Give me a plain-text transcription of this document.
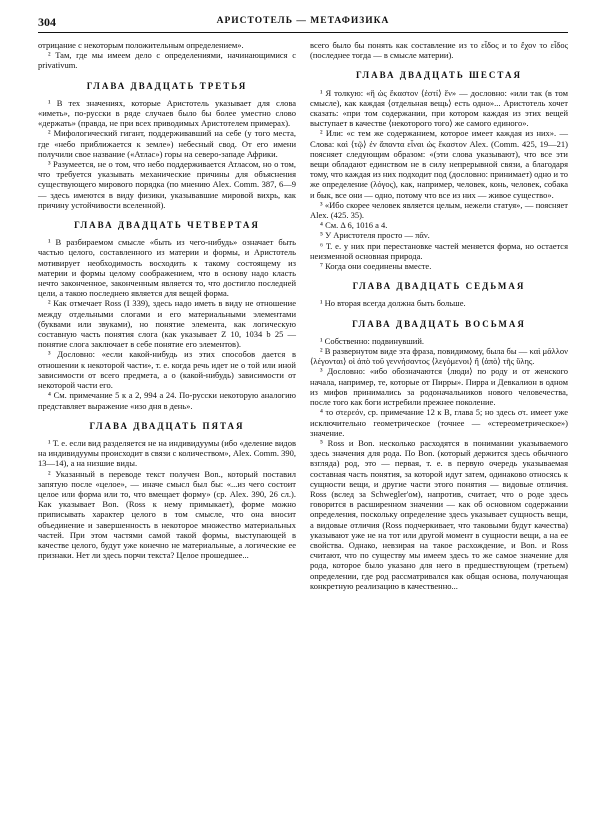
304	АРИСТОТЕЛЬ — МЕТАФИЗИКА

отрицание с некоторым положительным определением».

² Там, где мы имеем дело с определениями, начинающимися с privativum.

ГЛАВА ДВАДЦАТЬ ТРЕТЬЯ

¹ В тех значениях, которые Аристотель указывает для слова «иметь», по-русски в ряде случаев было бы более уместно слово «держать» (правда, не при всех приводимых Аристотелем примерах).

² Мифологический гигант, поддерживавший на себе (у того места, где «небо приближается к земле») небесный свод. От его имени получили свое название («Атлас») горы на северо-западе Африки.

³ Разумеется, не о том, что небо поддерживается Атласом, но о том, что требуется указывать механические причины для объяснения существующего мирового порядка (по мнению Alex. Comm. 387, 6—9 — здесь имеются в виду физики, указывавшие мировой вихрь, как причину устойчивости вселенной).

ГЛАВА ДВАДЦАТЬ ЧЕТВЕРТАЯ

¹ В разбираемом смысле «быть из чего-нибудь» означает быть частью целого, составленного из материи и формы, и Аристотель мотивирует необходимость восходить к такому состоящему из материи и формы целому соображением, что в основу надо класть нечто законченное, законченным является то, что достигло последней цели, а такою последнею является для вещей форма.

² Как отмечает Ross (I 339), здесь надо иметь в виду не отношение между отдельными слогами и его материальными элементами (буквами или звуками), но понятие элемента, как логическую составную часть понятия слога (как указывает Z 10, 1034 b 25 — понятие слога заключает в себе понятие его элементов).

³ Дословно: «если какой-нибудь из этих способов дается в отношении к некоторой части», т. е. когда речь идет не о той или иной зависимости от всего предмета, а о (какой-нибудь) зависимости от некоторой части его.

⁴ См. примечание 5 к a 2, 994 a 24. По-русски некоторую аналогию представляет выражение «изо дня в день».

ГЛАВА ДВАДЦАТЬ ПЯТАЯ

¹ Т. е. если вид разделяется не на индивидуумы (ибо «деление видов на индивидуумы происходит в связи с количеством», Alex. Comm. 390, 13—14), а на низшие виды.

² Указанный в переводе текст получен Bon., который поставил запятую после «целое», — иначе смысл был бы: «...из чего состоит целое или форма или то, что вмещает форму» (ср. Alex. 390, 26 сл.). Как указывает Bon. (Ross к нему примыкает), форме можно приписывать характер целого в том смысле, что она вносит объединение и завершенность в некоторое множество материальных частей. При этом частями самой такой формы, выступающей в качестве целого, будут уже конечно не материальные, а логические ее признаки. Нет ли здесь порчи текста? Целое прошедшее...

всего было бы понять как составление из το εἶδος и το ἔχον το εἶδος (последнее тогда — в смысле материи).

ГЛАВА ДВАДЦАТЬ ШЕСТАЯ

¹ Я толкую: «ἣ ὡς ἕκαστον ⟨ἐστί⟩ ἕν» — дословно: «или так (в том смысле), как каждая ⟨отдельная вещь⟩ есть одно»... Аристотель хочет сказать: «при том содержании, при котором каждая из этих вещей выступает в качестве ⟨некоторого того⟩ же самого единого».

² Или: «с тем же содержанием, которое имеет каждая из них». — Слова: καὶ ⟨τῷ⟩ ἐν ἅπαντα εἶναι ὡς ἕκαστον Alex. (Comm. 425, 19—21) поясняет следующим образом: «(эти слова указывают), что все эти вещи обладают единством не в силу непрерывной связи, а благодаря тому, что каждая из них подходит под (дословно: принимает) одно и то же определение (λόγος), как, например, человек, конь, человек, собака и бык, все они — одно, потому что все из них — живое существо».

³ «Ибо скорее человек является целым, нежели статуя», — поясняет Alex. (425. 35).

⁴ См. Δ 6, 1016 a 4.

⁵ У Аристотеля просто — πᾶν.

⁶ Т. е. у них при перестановке частей меняется форма, но остается неизменной основная природа.

⁷ Когда они соединены вместе.

ГЛАВА ДВАДЦАТЬ СЕДЬМАЯ

¹ Но вторая всегда должна быть больше.

ГЛАВА ДВАДЦАТЬ ВОСЬМАЯ

¹ Собственно: подвинувший.

² В развернутом виде эта фраза, повидимому, была бы — καὶ μᾶλλον ⟨λέγονται⟩ οἱ ἀπὸ τοῦ γεννήσαντος ⟨λεγόμενοι⟩ ἤ ⟨ἀπὸ⟩ τῆς ὕλης.

³ Дословно: «ибо обозначаются ⟨люди⟩ по роду и от женского начала, например, те, которые от Пирры». Пирра и Девкалион в одном из мифов принимались за родоначальников нового человечества, после того как боги истребили прежнее поколение.

⁴ το στερεόν, ср. примечание 12 к B, глава 5; но здесь στ. имеет уже исключительно геометрическое (точнее — «стереометрическое») значение.

⁵ Ross и Bon. несколько расходятся в понимании указываемого здесь значения для рода. По Bon. (который держится здесь обычного взгляда) род, это — первая, т. е. в первую очередь указываемая составная часть понятия, за которой идут затем, одинаково относясь к сущности вещи, и другие части этого понятия — видовые отличия. Ross (вслед за Schwegler'ом), напротив, считает, что о роде здесь говорится в расширенном значении — как об основном содержании определения, поскольку определение здесь указывает сущность вещи, а видовые отличия (Ross подчеркивает, что таковыми будут качества) указывают уже не на тот или другой момент в сущности вещи, а на ее свойства. Однако, невзирая на такое расхождение, и Bon. и Ross считают, что по существу мы имеем здесь то же самое значение для рода, которое было указано для него в предшествующем (третьем) определении, где род рассматривался как общая основа, получающая конкретную реализацию в качественно...
